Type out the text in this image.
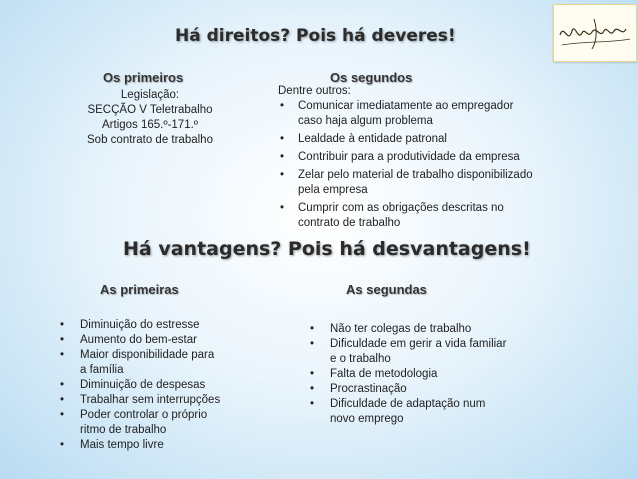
Há direitos? Pois há deveres!
Os primeiros
Legislação:
SECÇÃO V Teletrabalho
Artigos 165.º-171.º
Sob contrato de trabalho
Os segundos
Dentre outros:
• Comunicar imediatamente ao empregador
caso haja algum problema
• Lealdade à entidade patronal
• Contribuir para a produtividade da empresa
• Zelar pelo material de trabalho disponibilizado
pela empresa
• Cumprir com as obrigações descritas no
contrato de trabalho
Há vantagens? Pois há desvantagens!
As primeiras
• Diminuição do estresse
• Aumento do bem-estar
• Maior disponibilidade para
a família
• Diminuição de despesas
• Trabalhar sem interrupções
• Poder controlar o próprio
ritmo de trabalho
• Mais tempo livre
As segundas
• Não ter colegas de trabalho
• Dificuldade em gerir a vida familiar
e o trabalho
• Falta de metodologia
• Procrastinação
• Dificuldade de adaptação num
novo emprego
